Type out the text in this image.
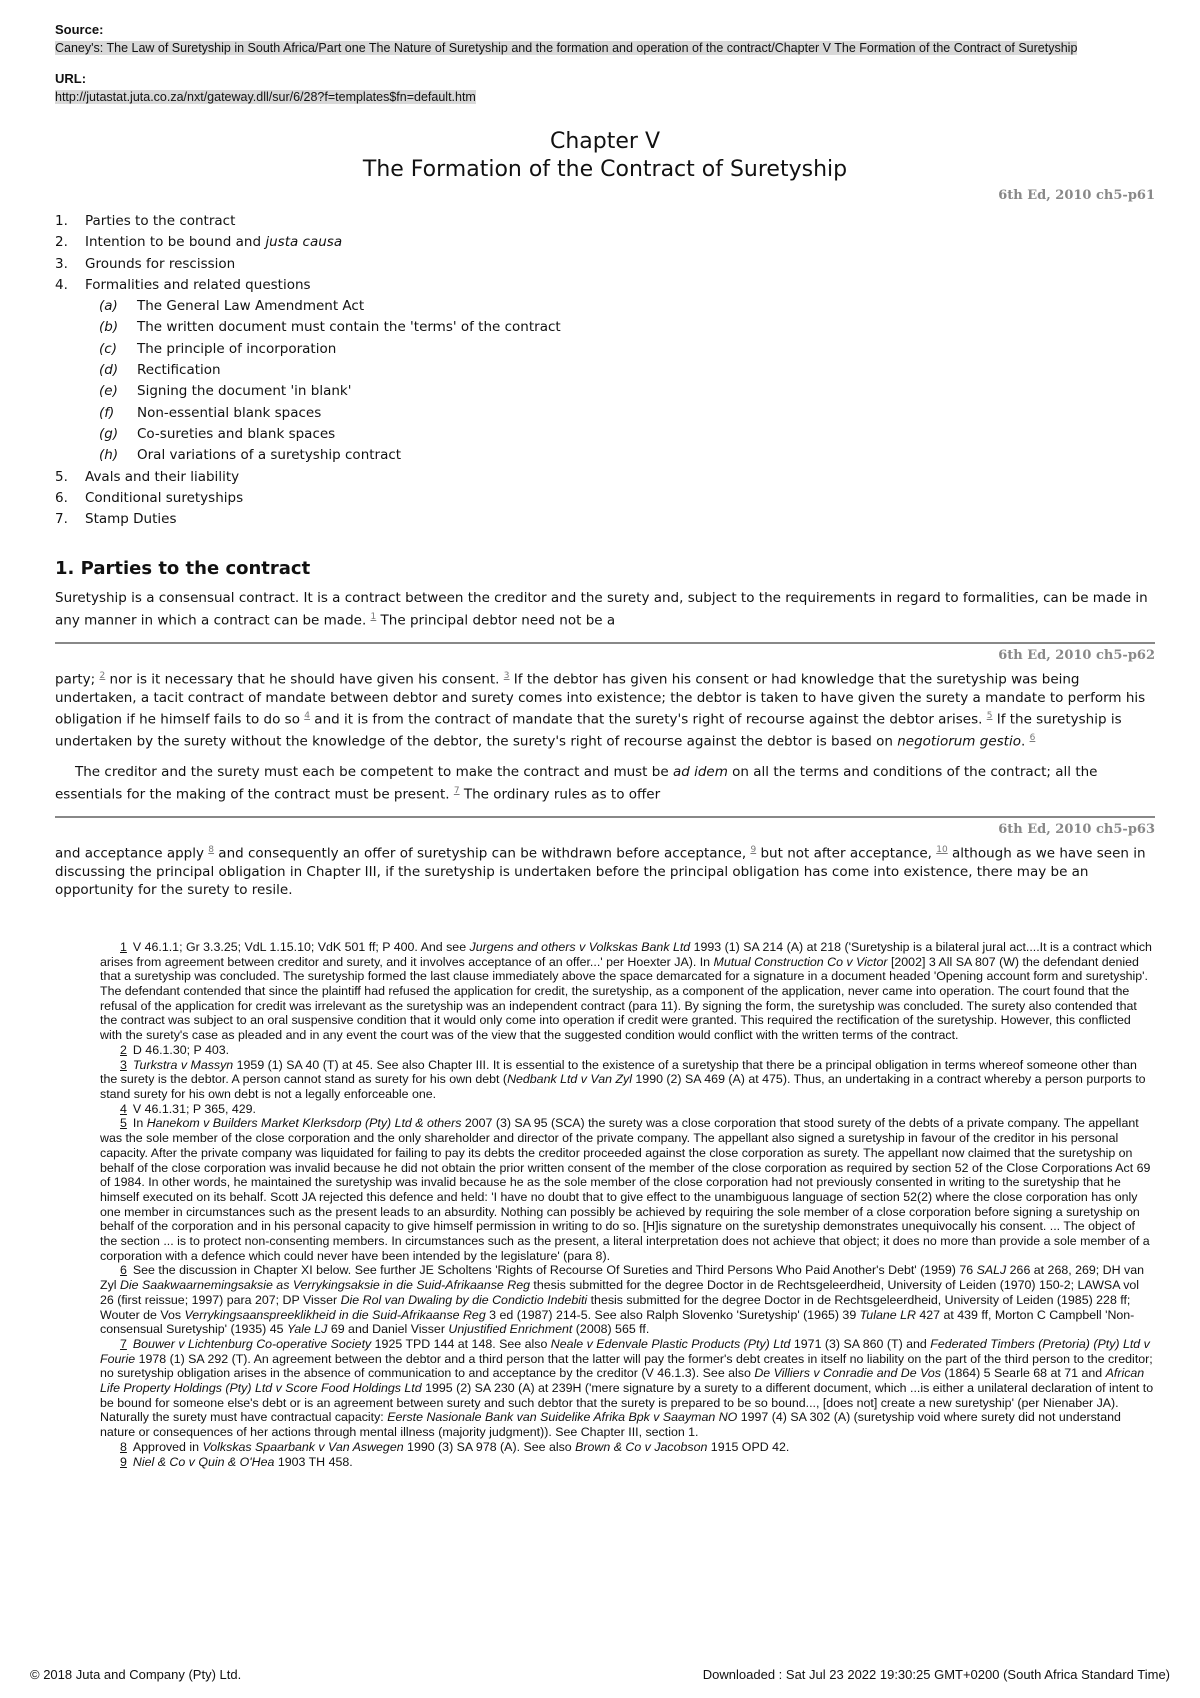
Source:

Caney's: The Law of Suretyship in South Africa/Part one The Nature of Suretyship and the formation and operation of the contract/Chapter V The Formation of the Contract of Suretyship

URL:

http://jutastat.juta.co.za/nxt/gateway.dll/sur/6/28?f=templates$fn=default.htm
Chapter V
The Formation of the Contract of Suretyship
6th Ed, 2010 ch5-p61
1. Parties to the contract
2. Intention to be bound and justa causa
3. Grounds for rescission
4. Formalities and related questions
(a) The General Law Amendment Act
(b) The written document must contain the 'terms' of the contract
(c) The principle of incorporation
(d) Rectification
(e) Signing the document 'in blank'
(f) Non-essential blank spaces
(g) Co-sureties and blank spaces
(h) Oral variations of a suretyship contract
5. Avals and their liability
6. Conditional suretyships
7. Stamp Duties
1. Parties to the contract

Suretyship is a consensual contract. It is a contract between the creditor and the surety and, subject to the requirements in regard to formalities, can be made in any manner in which a contract can be made. $^1$ The principal debtor need not be a

6th Ed, 2010 ch5-p62

party; $^2$ nor is it necessary that he should have given his consent. $^3$ If the debtor has given his consent or had knowledge that the suretyship was being undertaken, a tacit contract of mandate between debtor and surety comes into existence; the debtor is taken to have given the surety a mandate to perform his obligation if he himself fails to do so $^4$ and it is from the contract of mandate that the surety's right of recourse against the debtor arises. $^5$ If the suretyship is undertaken by the surety without the knowledge of the debtor, the surety's right of recourse against the debtor is based on negotiorum gestio. $^6$

The creditor and the surety must each be competent to make the contract and must be ad idem on all the terms and conditions of the contract; all the essentials for the making of the contract must be present. $^7$ The ordinary rules as to offer

6th Ed, 2010 ch5-p63

and acceptance apply $^8$ and consequently an offer of suretyship can be withdrawn before acceptance, $^9$ but not after acceptance, $^{10}$ although as we have seen in discussing the principal obligation in Chapter III, if the suretyship is undertaken before the principal obligation has come into existence, there may be an opportunity for the surety to resile.

1 V 46.1.1; Gr 3.3.25; VdL 1.15.10; VdK 501 ff; P 400. And see Jurgens and others v Volkskas Bank Ltd 1993 (1) SA 214 (A) at 218 ('Suretyship is a bilateral jural act....It is a contract which arises from agreement between creditor and surety, and it involves acceptance of an offer...' per Hoexter JA). In Mutual Construction Co v Victor [2002] 3 All SA 807 (W) the defendant denied that a suretyship was concluded. The suretyship formed the last clause immediately above the space demarcated for a signature in a document headed 'Opening account form and suretyship'. The defendant contended that since the plaintiff had refused the application for credit, the suretyship, as a component of the application, never came into operation. The court found that the refusal of the application for credit was irrelevant as the suretyship was an independent contract (para 11). By signing the form, the suretyship was concluded. The surety also contended that the contract was subject to an oral suspensive condition that it would only come into operation if credit were granted. This required the rectification of the suretyship. However, this conflicted with the surety's case as pleaded and in any event the court was of the view that the suggested condition would conflict with the written terms of the contract.

2 D 46.1.30; P 403.

3 Turkstra v Massyn 1959 (1) SA 40 (T) at 45. See also Chapter III. It is essential to the existence of a suretyship that there be a principal obligation in terms whereof someone other than the surety is the debtor. A person cannot stand as surety for his own debt (Nedbank Ltd v Van Zyl 1990 (2) SA 469 (A) at 475). Thus, an undertaking in a contract whereby a person purports to stand surety for his own debt is not a legally enforceable one.

4 V 46.1.31; P 365, 429.

5 In Hanekom v Builders Market Klerksdorp (Pty) Ltd & others 2007 (3) SA 95 (SCA) the surety was a close corporation that stood surety of the debts of a private company. The appellant was the sole member of the close corporation and the only shareholder and director of the private company. The appellant also signed a suretyship in favour of the creditor in his personal capacity. After the private company was liquidated for failing to pay its debts the creditor proceeded against the close corporation as surety. The appellant now claimed that the suretyship on behalf of the close corporation was invalid because he did not obtain the prior written consent of the member of the close corporation as required by section 52 of the Close Corporations Act 69 of 1984. In other words, he maintained the suretyship was invalid because he as the sole member of the close corporation had not previously consented in writing to the suretyship that he himself executed on its behalf. Scott JA rejected this defence and held: 'I have no doubt that to give effect to the unambiguous language of section 52(2) where the close corporation has only one member in circumstances such as the present leads to an absurdity. Nothing can possibly be achieved by requiring the sole member of a close corporation before signing a suretyship on behalf of the corporation and in his personal capacity to give himself permission in writing to do so. [H]is signature on the suretyship demonstrates unequivocally his consent. ... The object of the section ... is to protect non-consenting members. In circumstances such as the present, a literal interpretation does not achieve that object; it does no more than provide a sole member of a corporation with a defence which could never have been intended by the legislature' (para 8).

6 See the discussion in Chapter XI below. See further JE Scholtens 'Rights of Recourse Of Sureties and Third Persons Who Paid Another's Debt' (1959) 76 SALJ 266 at 268, 269; DH van Zyl Die Saakwaarnemingsaksie as Verrykingsaksie in die Suid-Afrikaanse Reg thesis submitted for the degree Doctor in de Rechtsgeleerdheid, University of Leiden (1970) 150-2; LAWSA vol 26 (first reissue; 1997) para 207; DP Visser Die Rol van Dwaling by die Condictio Indebiti thesis submitted for the degree Doctor in de Rechtsgeleerdheid, University of Leiden (1985) 228 ff; Wouter de Vos Verrykingsaanspreeklikheid in die Suid-Afrikaanse Reg 3 ed (1987) 214-5. See also Ralph Slovenko 'Suretyship' (1965) 39 Tulane LR 427 at 439 ff, Morton C Campbell 'Non-consensual Suretyship' (1935) 45 Yale LJ 69 and Daniel Visser Unjustified Enrichment (2008) 565 ff.

7 Bouwer v Lichtenburg Co-operative Society 1925 TPD 144 at 148. See also Neale v Edenvale Plastic Products (Pty) Ltd 1971 (3) SA 860 (T) and Federated Timbers (Pretoria) (Pty) Ltd v Fourie 1978 (1) SA 292 (T). An agreement between the debtor and a third person that the latter will pay the former's debt creates in itself no liability on the part of the third person to the creditor; no suretyship obligation arises in the absence of communication to and acceptance by the creditor (V 46.1.3). See also De Villiers v Conradie and De Vos (1864) 5 Searle 68 at 71 and African Life Property Holdings (Pty) Ltd v Score Food Holdings Ltd 1995 (2) SA 230 (A) at 239H ('mere signature by a surety to a different document, which ...is either a unilateral declaration of intent to be bound for someone else's debt or is an agreement between surety and such debtor that the surety is prepared to be so bound..., [does not] create a new suretyship' (per Nienaber JA). Naturally the surety must have contractual capacity: Eerste Nasionale Bank van Suidelike Afrika Bpk v Saayman NO 1997 (4) SA 302 (A) (suretyship void where surety did not understand nature or consequences of her actions through mental illness (majority judgment)). See Chapter III, section 1.

8 Approved in Volkskas Spaarbank v Van Aswegen 1990 (3) SA 978 (A). See also Brown & Co v Jacobson 1915 OPD 42.

9 Niel & Co v Quin & O'Hea 1903 TH 458.

© 2018 Juta and Company (Pty) Ltd.	Downloaded : Sat Jul 23 2022 19:30:25 GMT+0200 (South Africa Standard Time)
